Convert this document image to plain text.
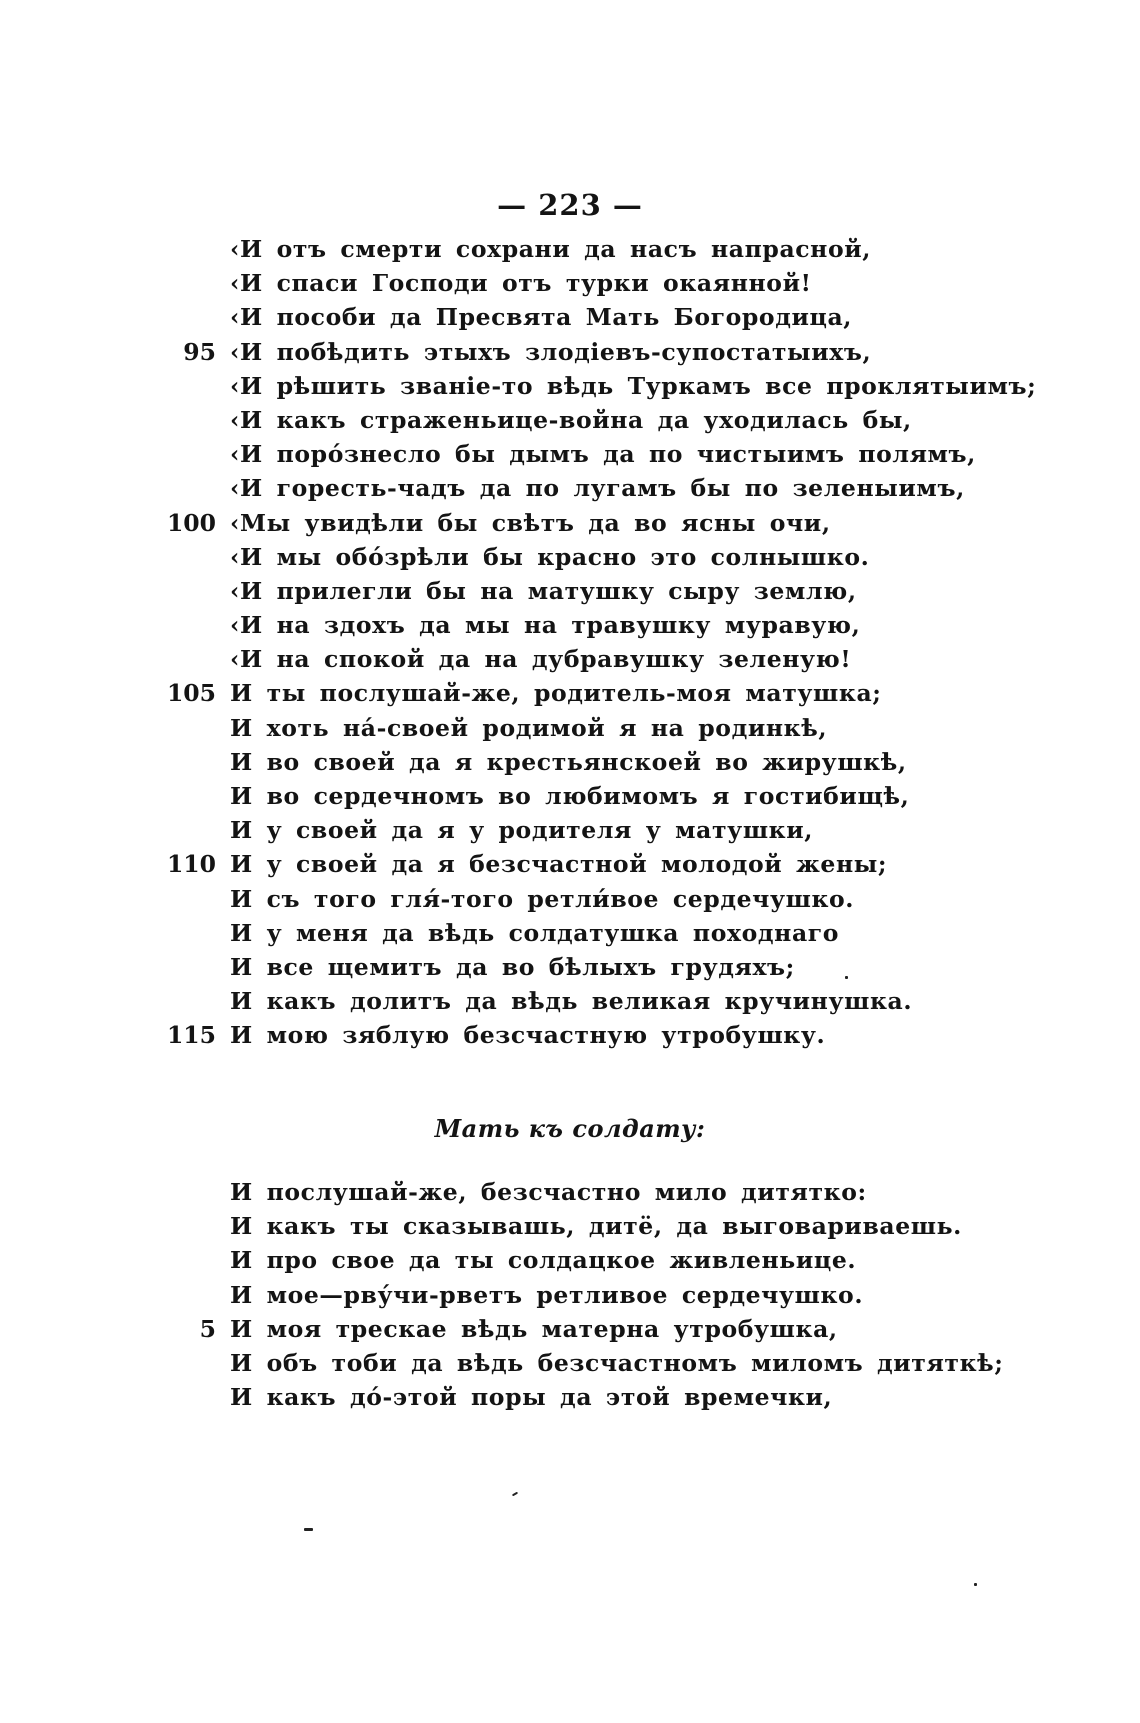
— 223 —
‹И отъ смерти сохрани да насъ напрасной,
‹И спаси Господи отъ турки окаянной!
‹И пособи да Пресвята Мать Богородица,
95 ‹И побѣдить этыхъ злодіевъ-супостатыихъ,
‹И рѣшить званіе-то вѣдь Туркамъ все проклятыимъ;
‹И какъ страженьице-война да уходилась бы,
‹И поро́знесло бы дымъ да по чистыимъ полямъ,
‹И горесть-чадъ да по лугамъ бы по зеленыимъ,
100 ‹Мы увидѣли бы свѣтъ да во ясны очи,
‹И мы обо́зрѣли бы красно это солнышко.
‹И прилегли бы на матушку сыру землю,
‹И на здохъ да мы на травушку муравую,
‹И на спокой да на дубравушку зеленую!
105 И ты послушай-же, родитель-моя матушка;
И хоть на́-своей родимой я на родинкѣ,
И во своей да я крестьянскоей во жирушкѣ,
И во сердечномъ во любимомъ я гостибищѣ,
И у своей да я у родителя у матушки,
110 И у своей да я безсчастной молодой жены;
И съ того гля́-того ретли́вое сердечушко.
И у меня да вѣдь солдатушка походнаго
И все щемитъ да во бѣлыхъ грудяхъ;
И какъ долитъ да вѣдь великая кручинушка.
115 И мою зяблую безсчастную утробушку.
Мать къ солдату:
И послушай-же, безсчастно мило дитятко:
И какъ ты сказывашь, дитё, да выговариваешь.
И про свое да ты солдацкое живленьице.
И мое—рву́чи-рветъ ретливое сердечушко.
5 И моя трескае вѣдь матерна утробушка,
И объ тоби да вѣдь безсчастномъ миломъ дитяткѣ;
И какъ до́-этой поры да этой времечки,
